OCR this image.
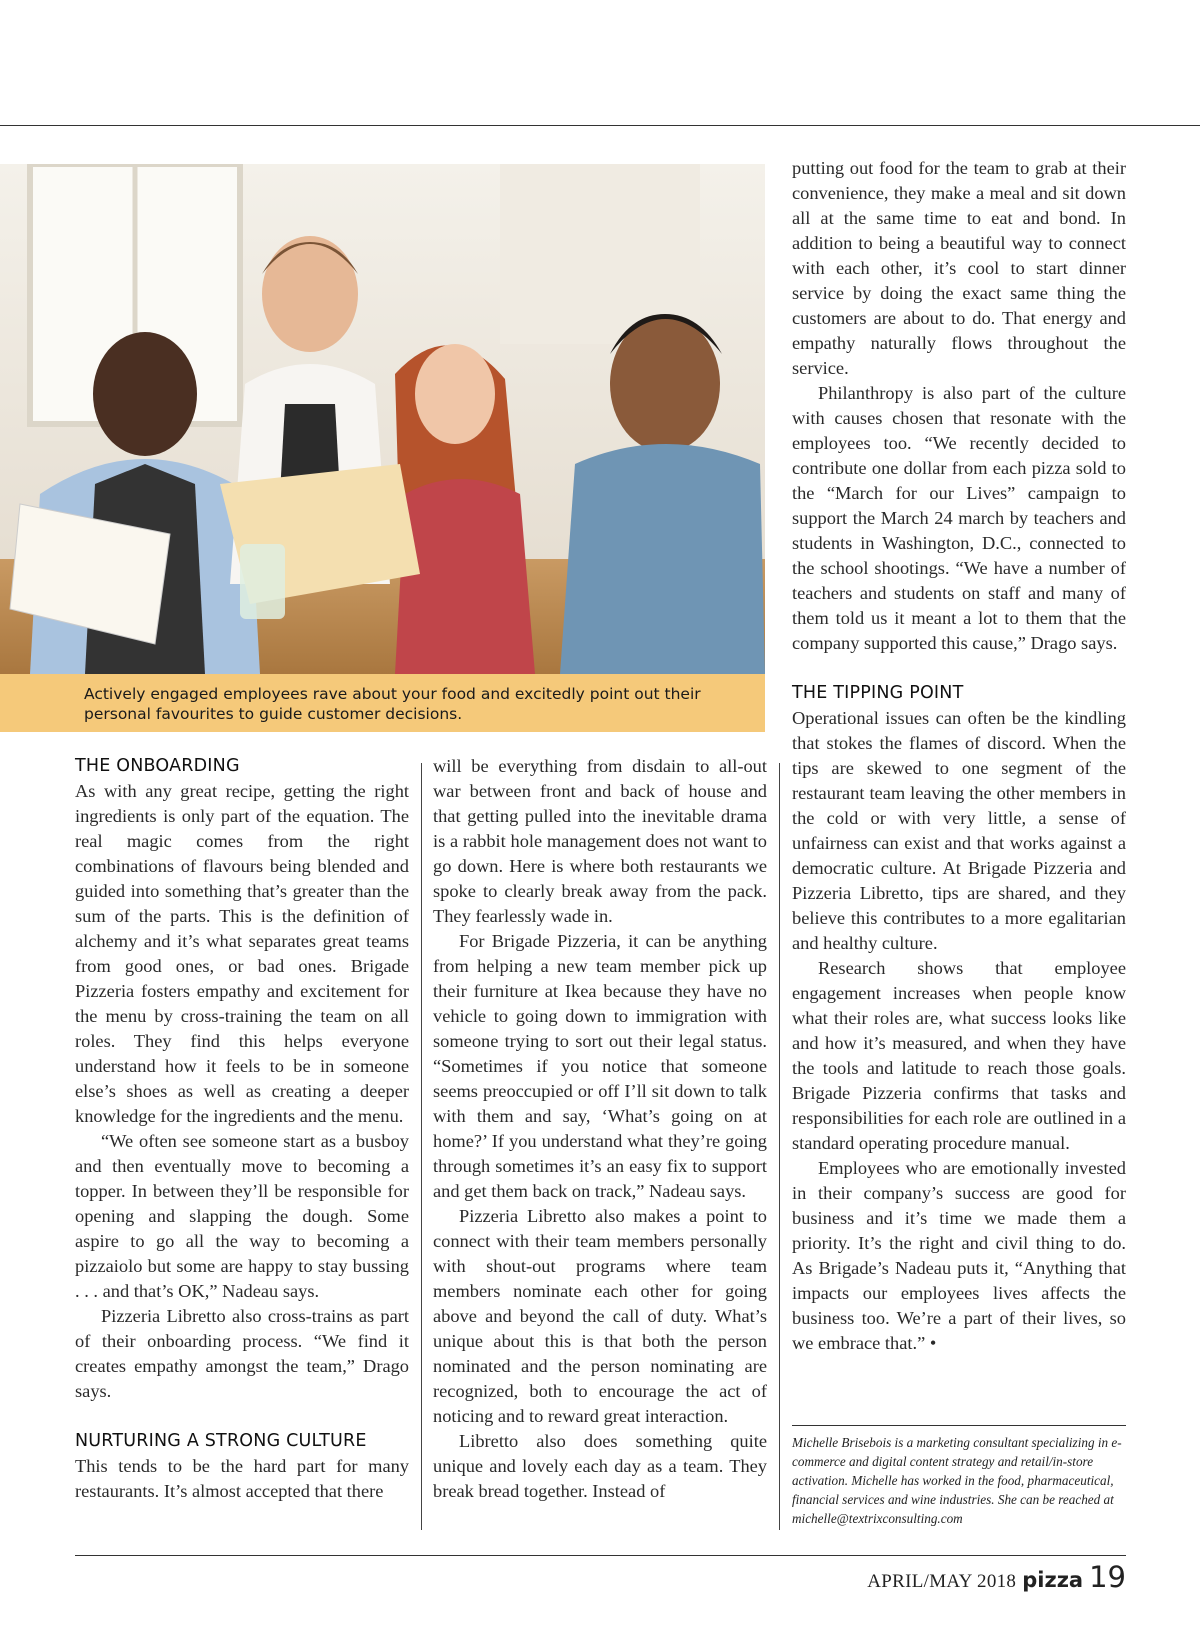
Actively engaged employees rave about your food and excitedly point out their personal favourites to guide customer decisions.
THE ONBOARDING

As with any great recipe, getting the right ingredients is only part of the equation. The real magic comes from the right combinations of flavours being blended and guided into something that’s greater than the sum of the parts. This is the definition of alchemy and it’s what separates great teams from good ones, or bad ones. Brigade Pizzeria fosters empathy and excitement for the menu by cross-training the team on all roles. They find this helps everyone understand how it feels to be in someone else’s shoes as well as creating a deeper knowledge for the ingredients and the menu.

“We often see someone start as a busboy and then eventually move to becoming a topper. In between they’ll be responsible for opening and slapping the dough. Some aspire to go all the way to becoming a pizzaiolo but some are happy to stay bussing . . . and that’s OK,” Nadeau says.

Pizzeria Libretto also cross-trains as part of their onboarding process. “We find it creates empathy amongst the team,” Drago says.

NURTURING A STRONG CULTURE

This tends to be the hard part for many restaurants. It’s almost accepted that there

will be everything from disdain to all-out war between front and back of house and that getting pulled into the inevitable drama is a rabbit hole management does not want to go down. Here is where both restaurants we spoke to clearly break away from the pack. They fearlessly wade in.

For Brigade Pizzeria, it can be anything from helping a new team member pick up their furniture at Ikea because they have no vehicle to going down to immigration with someone trying to sort out their legal status. “Sometimes if you notice that someone seems preoccupied or off I’ll sit down to talk with them and say, ‘What’s going on at home?’ If you understand what they’re going through sometimes it’s an easy fix to support and get them back on track,” Nadeau says.

Pizzeria Libretto also makes a point to connect with their team members personally with shout-out programs where team members nominate each other for going above and beyond the call of duty. What’s unique about this is that both the person nominated and the person nominating are recognized, both to encourage the act of noticing and to reward great interaction.

Libretto also does something quite unique and lovely each day as a team. They break bread together. Instead of

putting out food for the team to grab at their convenience, they make a meal and sit down all at the same time to eat and bond. In addition to being a beautiful way to connect with each other, it’s cool to start dinner service by doing the exact same thing the customers are about to do. That energy and empathy naturally flows throughout the service.

Philanthropy is also part of the culture with causes chosen that resonate with the employees too. “We recently decided to contribute one dollar from each pizza sold to the “March for our Lives” campaign to support the March 24 march by teachers and students in Washington, D.C., connected to the school shootings. “We have a number of teachers and students on staff and many of them told us it meant a lot to them that the company supported this cause,” Drago says.

THE TIPPING POINT

Operational issues can often be the kindling that stokes the flames of discord. When the tips are skewed to one segment of the restaurant team leaving the other members in the cold or with very little, a sense of unfairness can exist and that works against a democratic culture. At Brigade Pizzeria and Pizzeria Libretto, tips are shared, and they believe this contributes to a more egalitarian and healthy culture.

Research shows that employee engagement increases when people know what their roles are, what success looks like and how it’s measured, and when they have the tools and latitude to reach those goals. Brigade Pizzeria confirms that tasks and responsibilities for each role are outlined in a standard operating procedure manual.

Employees who are emotionally invested in their company’s success are good for business and it’s time we made them a priority. It’s the right and civil thing to do. As Brigade’s Nadeau puts it, “Anything that impacts our employees lives affects the business too. We’re a part of their lives, so we embrace that.” •

Michelle Brisebois is a marketing consultant specializing in e-commerce and digital content strategy and retail/in-store activation. Michelle has worked in the food, pharmaceutical, financial services and wine industries. She can be reached at michelle@textrixconsulting.com
APRIL/MAY 2018 pizza 19
